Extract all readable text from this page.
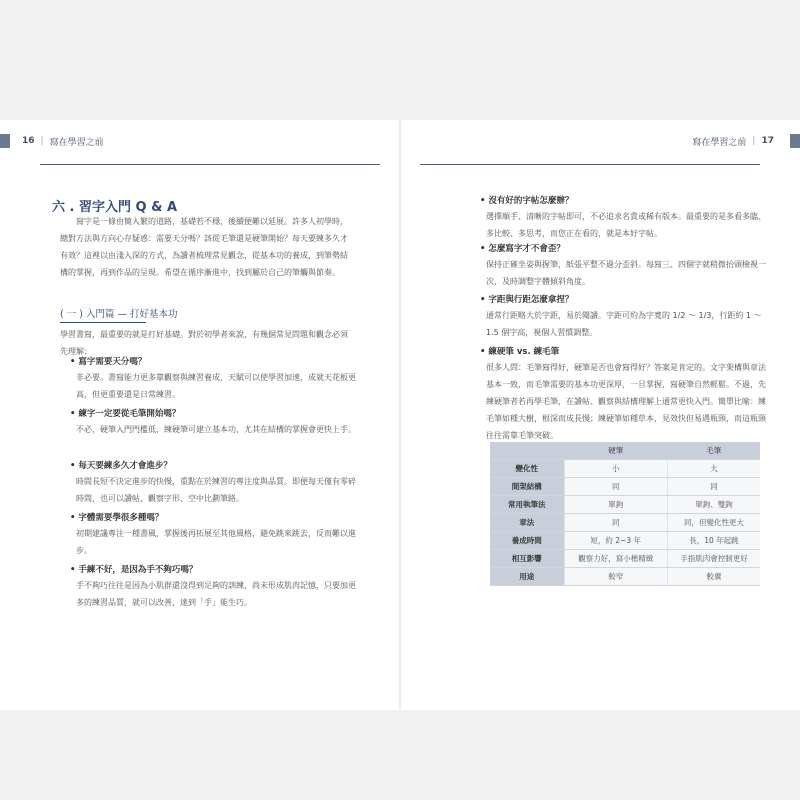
16 | 寫在學習之前	寫在學習之前 | 17
六 . 習字入門 Q & A
寫字是一條由簡入繁的道路，基礎若不穩，後續便難以延展。許多人初學時，總對方法與方向心存疑惑：需要天分嗎？該從毛筆還是硬筆開始？每天要練多久才有效？這裡以由淺入深的方式，為讀者梳理常見觀念，從基本功的養成，到筆勢結構的掌握，再到作品的呈現。希望在循序漸進中，找到屬於自己的筆觸與節奏。
( 一 ) 入門篇 — 打好基本功
學習書寫，最重要的就是打好基礎。對於初學者來說，有幾個常見問題和觀念必須先理解：
• 寫字需要天分嗎？
非必要。書寫能力更多靠觀察與練習養成，天賦可以使學習加速，成就天花板更高，但更重要還是日常練習。
• 練字一定要從毛筆開始嗎？
不必，硬筆入門門檻低，練硬筆可建立基本功，尤其在結構的掌握會更快上手。
• 每天要練多久才會進步？
時間長短不決定進步的快慢，重點在於練習的專注度與品質。即便每天僅有零碎時間，也可以讀帖、觀察字形、空中比劃筆路。
• 字體需要學很多種嗎？
初期建議專注一種書風，掌握後再拓展至其他風格，避免跳來跳去，反而難以進步。
• 手練不好，是因為手不夠巧嗎？
手不夠巧往往是因為小肌群還沒得到足夠的訓練，尚未形成肌肉記憶，只要加更多的練習品質，就可以改善，達到「手」能生巧。
• 沒有好的字帖怎麼辦？
選擇順手、清晰的字帖即可，不必追求名貴或稀有版本。最重要的是多看多臨、多比較、多思考，而您正在看的，就是本好字帖。
• 怎麼寫字才不會歪？
保持正確坐姿與握筆，紙張平整不過分歪斜。每寫三、四個字就稍微抬頭檢視一次，及時調整字體傾斜角度。
• 字距與行距怎麼拿捏？
通常行距略大於字距，易於閱讀。字距可約為字寬的 1/2 ～ 1/3，行距約 1 ～ 1.5 個字高，視個人習慣調整。
• 練硬筆 vs. 練毛筆
很多人問：毛筆寫得好，硬筆是否也會寫得好？答案是肯定的。文字架構與章法基本一致，而毛筆需要的基本功更深厚，一旦掌握，寫硬筆自然輕鬆。不過，先練硬筆者若再學毛筆，在讀帖、觀察與結構理解上通常更快入門。簡單比喻：練毛筆如種大樹，根深而成長慢；練硬筆如種草本，見效快但易遇瓶頸，而這瓶頸往往需靠毛筆突破。
	硬筆	毛筆
變化性	小	大
間架結構	同	同
常用執筆法	單鉤	單鉤、雙鉤
章法	同	同，但變化性更大
養成時間	短，約 2~3 年	長，10 年起跳
相互影響	觀察力好，寫小楷精緻	手指肌肉會控制更好
用途	較窄	較廣
